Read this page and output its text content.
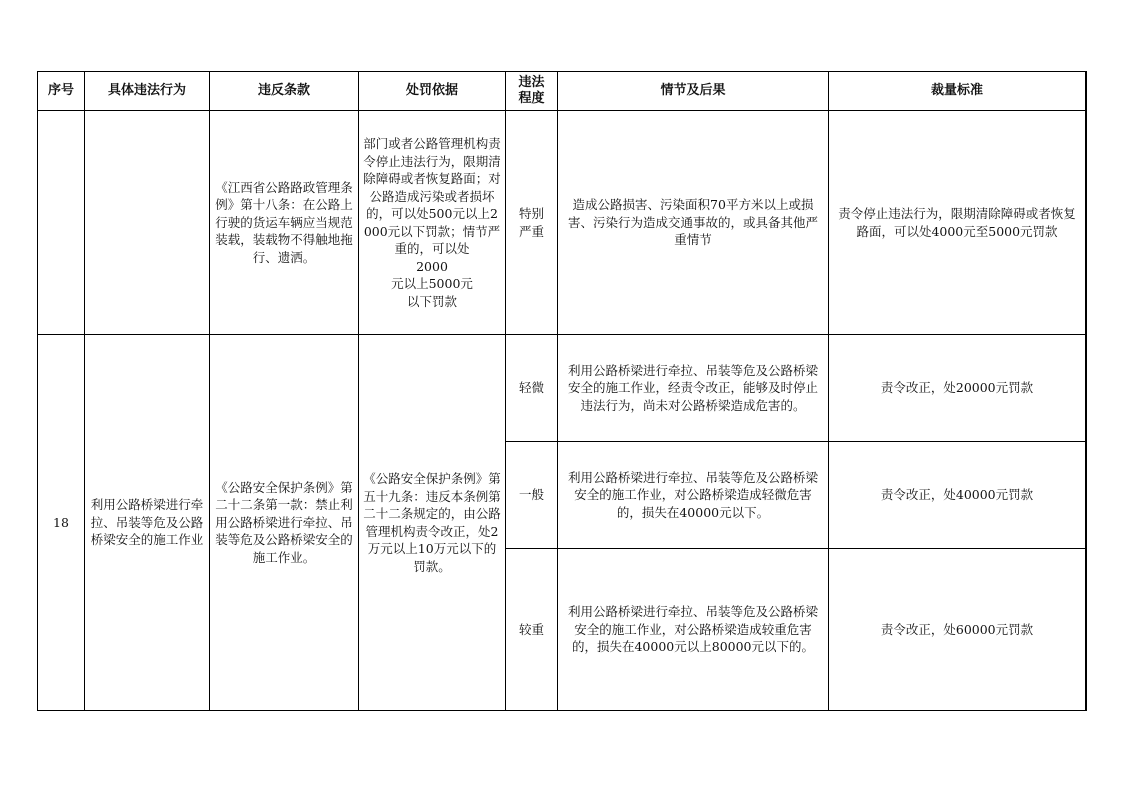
序号	具体违法行为	违反条款	处罚依据	违法
程度	情节及后果	裁量标准	
		《江西省公路路政管理条例》第十八条：在公路上行驶的货运车辆应当规范装载，装载物不得触地拖行、遗洒。	部门或者公路管理机构责令停止违法行为，限期清除障碍或者恢复路面；对公路造成污染或者损坏的，可以处500元以上2000元以下罚款；情节严重的，可以处
2000
元以上5000元
以下罚款	特别
严重	造成公路损害、污染面积70平方米以上或损害、污染行为造成交通事故的，或具备其他严重情节	责令停止违法行为，限期清除障碍或者恢复路面，可以处4000元至5000元罚款	
18	利用公路桥梁进行牵拉、吊装等危及公路桥梁安全的施工作业	《公路安全保护条例》第二十二条第一款：禁止利用公路桥梁进行牵拉、吊装等危及公路桥梁安全的施工作业。	《公路安全保护条例》第五十九条：违反本条例第二十二条规定的，由公路管理机构责令改正，处2万元以上10万元以下的罚款。	轻微	利用公路桥梁进行牵拉、吊装等危及公路桥梁安全的施工作业，经责令改正，能够及时停止违法行为，尚未对公路桥梁造成危害的。	责令改正，处20000元罚款	

				一般	利用公路桥梁进行牵拉、吊装等危及公路桥梁安全的施工作业，对公路桥梁造成轻微危害的，损失在40000元以下。	责令改正，处40000元罚款	
				较重	利用公路桥梁进行牵拉、吊装等危及公路桥梁安全的施工作业，对公路桥梁造成较重危害的，损失在40000元以上80000元以下的。	责令改正，处60000元罚款	
